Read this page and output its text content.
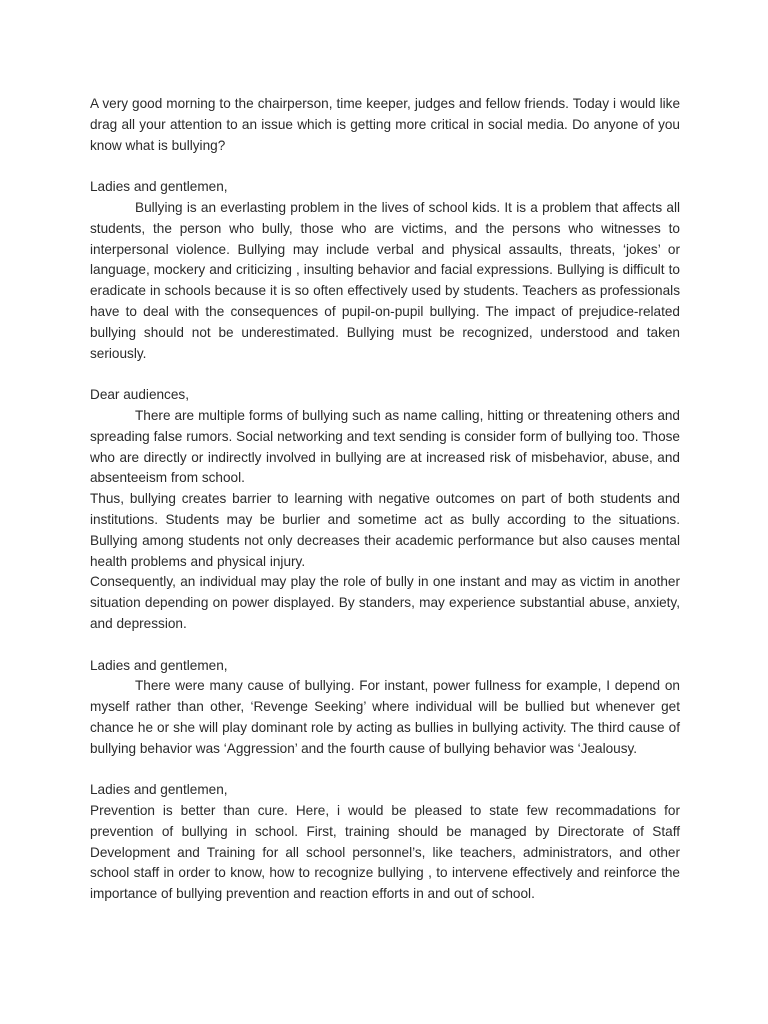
A very good morning to the chairperson, time keeper, judges and fellow friends. Today i would like drag all your attention to an issue which is getting more critical in social media. Do anyone of you know what is bullying?

Ladies and gentlemen,

Bullying is an everlasting problem in the lives of school kids. It is a problem that affects all students, the person who bully, those who are victims, and the persons who witnesses to interpersonal violence. Bullying may include verbal and physical assaults, threats, ‘jokes’ or language, mockery and criticizing , insulting behavior and facial expressions. Bullying is difficult to eradicate in schools because it is so often effectively used by students. Teachers as professionals have to deal with the consequences of pupil-on-pupil bullying. The impact of prejudice-related bullying should not be underestimated. Bullying must be recognized, understood and taken seriously.

Dear audiences,

There are multiple forms of bullying such as name calling, hitting or threatening others and spreading false rumors. Social networking and text sending is consider form of bullying too. Those who are directly or indirectly involved in bullying are at increased risk of misbehavior, abuse, and absenteeism from school.

Thus, bullying creates barrier to learning with negative outcomes on part of both students and institutions. Students may be burlier and sometime act as bully according to the situations. Bullying among students not only decreases their academic performance but also causes mental health problems and physical injury.

Consequently, an individual may play the role of bully in one instant and may as victim in another situation depending on power displayed. By standers, may experience substantial abuse, anxiety, and depression.

Ladies and gentlemen,

There were many cause of bullying. For instant, power fullness for example, I depend on myself rather than other, ‘Revenge Seeking’ where individual will be bullied but whenever get chance he or she will play dominant role by acting as bullies in bullying activity. The third cause of bullying behavior was ‘Aggression’ and the fourth cause of bullying behavior was ‘Jealousy.

Ladies and gentlemen,

Prevention is better than cure. Here, i would be pleased to state few recommadations for prevention of bullying in school. First, training should be managed by Directorate of Staff Development and Training for all school personnel’s, like teachers, administrators, and other school staff in order to know, how to recognize bullying , to intervene effectively and reinforce the importance of bullying prevention and reaction efforts in and out of school.
